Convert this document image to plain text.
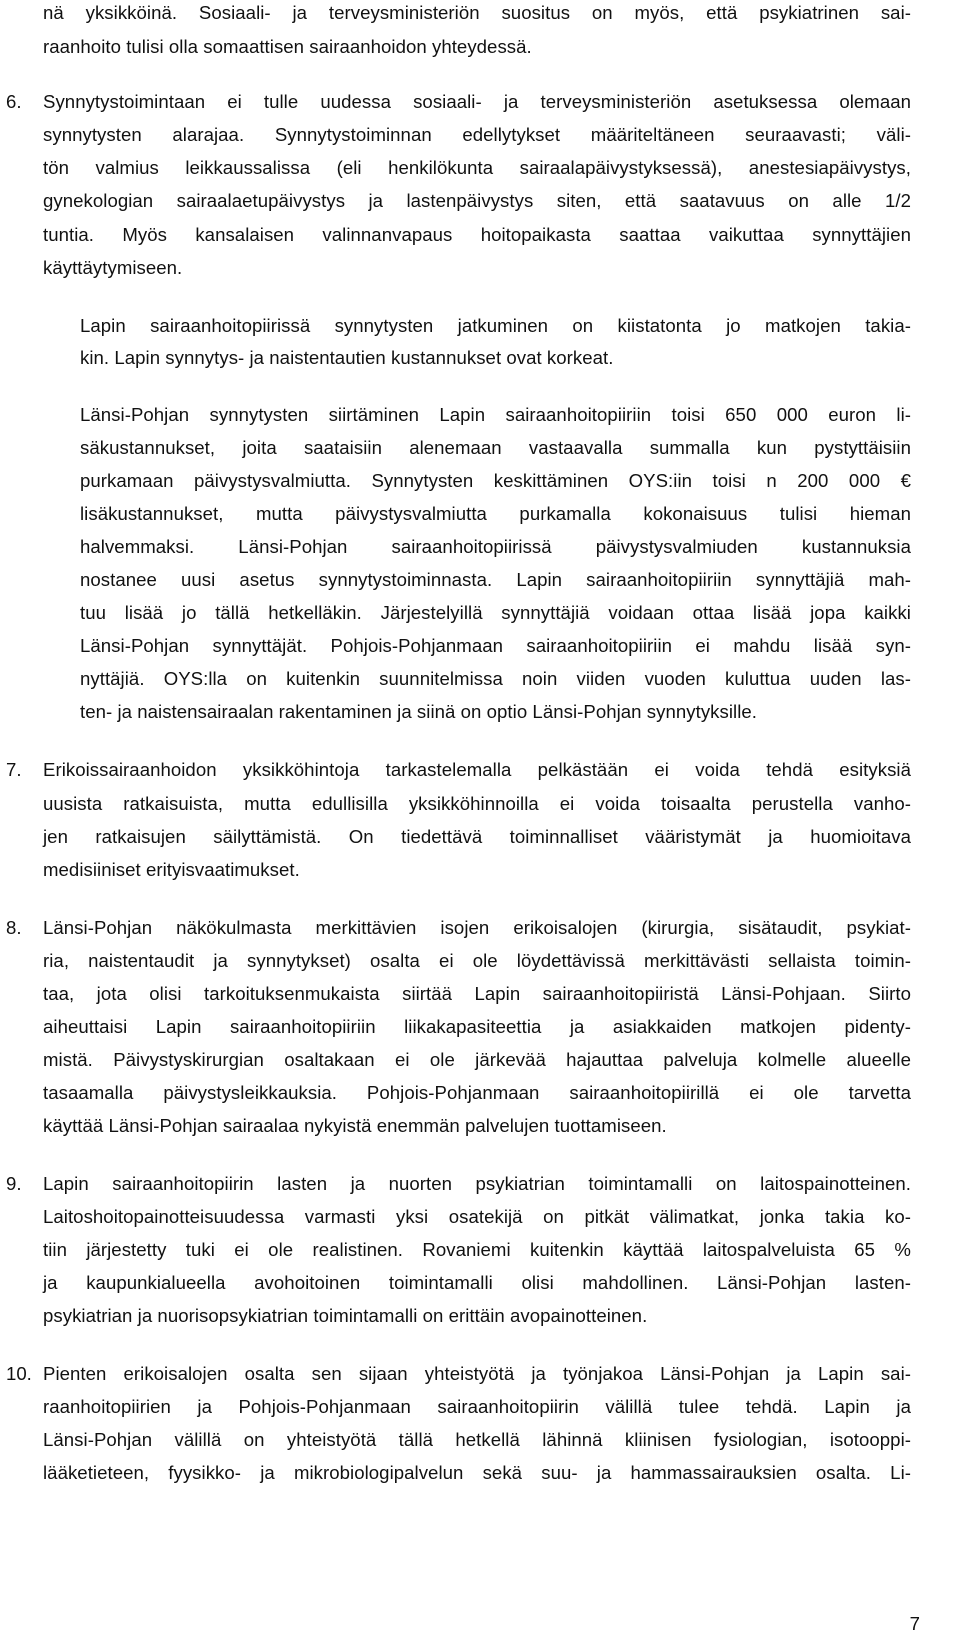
nä yksikköinä. Sosiaali- ja terveysministeriön suositus on myös, että psykiatrinen sai-
raanhoito tulisi olla somaattisen sairaanhoidon yhteydessä.
6.	Synnytystoimintaan ei tulle uudessa sosiaali- ja terveysministeriön asetuksessa olemaan
synnytysten alarajaa. Synnytystoiminnan edellytykset määriteltäneen seuraavasti; väli-
tön valmius leikkaussalissa (eli henkilökunta sairaalapäivystyksessä), anestesiapäivystys,
gynekologian sairaalaetupäivystys ja lastenpäivystys siten, että saatavuus on alle 1/2
tuntia. Myös kansalaisen valinnanvapaus hoitopaikasta saattaa vaikuttaa synnyttäjien
käyttäytymiseen.
Lapin sairaanhoitopiirissä synnytysten jatkuminen on kiistatonta jo matkojen takia-
kin. Lapin synnytys- ja naistentautien kustannukset ovat korkeat.
Länsi-Pohjan synnytysten siirtäminen Lapin sairaanhoitopiiriin toisi 650 000 euron li-
säkustannukset, joita saataisiin alenemaan vastaavalla summalla kun pystyttäisiin
purkamaan päivystysvalmiutta. Synnytysten keskittäminen OYS:iin toisi n 200 000 €
lisäkustannukset, mutta päivystysvalmiutta purkamalla kokonaisuus tulisi hieman
halvemmaksi. Länsi-Pohjan sairaanhoitopiirissä päivystysvalmiuden kustannuksia
nostanee uusi asetus synnytystoiminnasta. Lapin sairaanhoitopiiriin synnyttäjiä mah-
tuu lisää jo tällä hetkelläkin. Järjestelyillä synnyttäjiä voidaan ottaa lisää jopa kaikki
Länsi-Pohjan synnyttäjät. Pohjois-Pohjanmaan sairaanhoitopiiriin ei mahdu lisää syn-
nyttäjiä. OYS:lla on kuitenkin suunnitelmissa noin viiden vuoden kuluttua uuden las-
ten- ja naistensairaalan rakentaminen ja siinä on optio Länsi-Pohjan synnytyksille.
7.	Erikoissairaanhoidon yksikköhintoja tarkastelemalla pelkästään ei voida tehdä esityksiä
uusista ratkaisuista, mutta edullisilla yksikköhinnoilla ei voida toisaalta perustella vanho-
jen ratkaisujen säilyttämistä. On tiedettävä toiminnalliset vääristymät ja huomioitava
medisiiniset erityisvaatimukset.
8.	Länsi-Pohjan näkökulmasta merkittävien isojen erikoisalojen (kirurgia, sisätaudit, psykiat-
ria, naistentaudit ja synnytykset) osalta ei ole löydettävissä merkittävästi sellaista toimin-
taa, jota olisi tarkoituksenmukaista siirtää Lapin sairaanhoitopiiristä Länsi-Pohjaan. Siirto
aiheuttaisi Lapin sairaanhoitopiiriin liikakapasiteettia ja asiakkaiden matkojen pidenty-
mistä. Päivystyskirurgian osaltakaan ei ole järkevää hajauttaa palveluja kolmelle alueelle
tasaamalla päivystysleikkauksia. Pohjois-Pohjanmaan sairaanhoitopiirillä ei ole tarvetta
käyttää Länsi-Pohjan sairaalaa nykyistä enemmän palvelujen tuottamiseen.
9.	Lapin sairaanhoitopiirin lasten ja nuorten psykiatrian toimintamalli on laitospainotteinen.
Laitoshoitopainotteisuudessa varmasti yksi osatekijä on pitkät välimatkat, jonka takia ko-
tiin järjestetty tuki ei ole realistinen. Rovaniemi kuitenkin käyttää laitospalveluista 65 %
ja kaupunkialueella avohoitoinen toimintamalli olisi mahdollinen. Länsi-Pohjan lasten-
psykiatrian ja nuorisopsykiatrian toimintamalli on erittäin avopainotteinen.
10. Pienten erikoisalojen osalta sen sijaan yhteistyötä ja työnjakoa Länsi-Pohjan ja Lapin sai-
raanhoitopiirien ja Pohjois-Pohjanmaan sairaanhoitopiirin välillä tulee tehdä. Lapin ja
Länsi-Pohjan välillä on yhteistyötä tällä hetkellä lähinnä kliinisen fysiologian, isotooppi-
lääketieteen, fyysikko- ja mikrobiologipalvelun sekä suu- ja hammassairauksien osalta. Li-
7
